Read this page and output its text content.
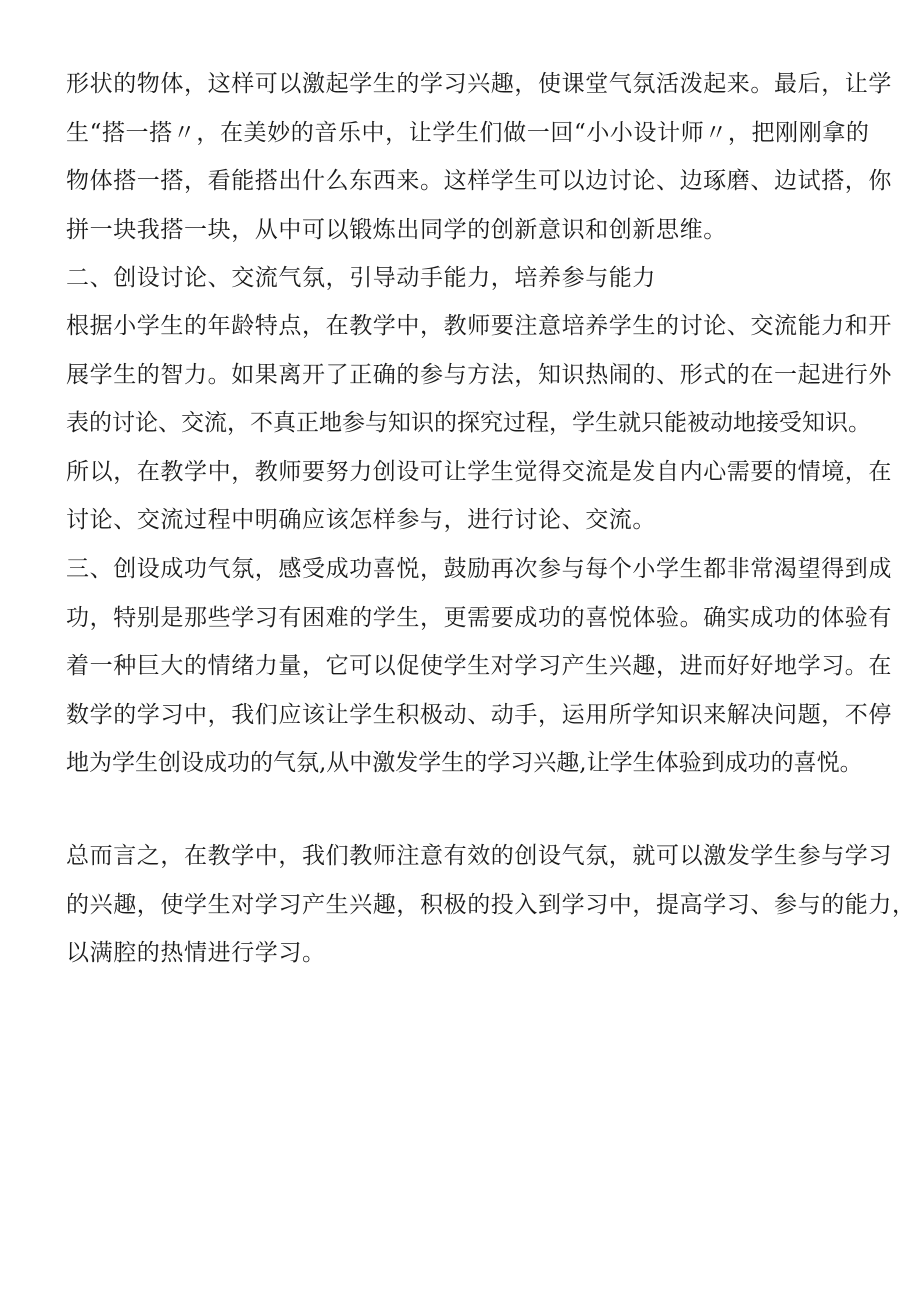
形状的物体，这样可以激起学生的学习兴趣，使课堂气氛活泼起来。最后，让学
生“搭一搭〃，在美妙的音乐中，让学生们做一回“小小设计师〃，把刚刚拿的
物体搭一搭，看能搭出什么东西来。这样学生可以边讨论、边琢磨、边试搭，你
拼一块我搭一块，从中可以锻炼出同学的创新意识和创新思维。
二、创设讨论、交流气氛，引导动手能力，培养参与能力
根据小学生的年龄特点，在教学中，教师要注意培养学生的讨论、交流能力和开
展学生的智力。如果离开了正确的参与方法，知识热闹的、形式的在一起进行外
表的讨论、交流，不真正地参与知识的探究过程，学生就只能被动地接受知识。
所以，在教学中，教师要努力创设可让学生觉得交流是发自内心需要的情境，在
讨论、交流过程中明确应该怎样参与，进行讨论、交流。
三、创设成功气氛，感受成功喜悦，鼓励再次参与每个小学生都非常渴望得到成
功，特别是那些学习有困难的学生，更需要成功的喜悦体验。确实成功的体验有
着一种巨大的情绪力量，它可以促使学生对学习产生兴趣，进而好好地学习。在
数学的学习中，我们应该让学生积极动、动手，运用所学知识来解决问题，不停
地为学生创设成功的气氛,从中激发学生的学习兴趣,让学生体验到成功的喜悦。
总而言之，在教学中，我们教师注意有效的创设气氛，就可以激发学生参与学习
的兴趣，使学生对学习产生兴趣，积极的投入到学习中，提高学习、参与的能力，
以满腔的热情进行学习。
